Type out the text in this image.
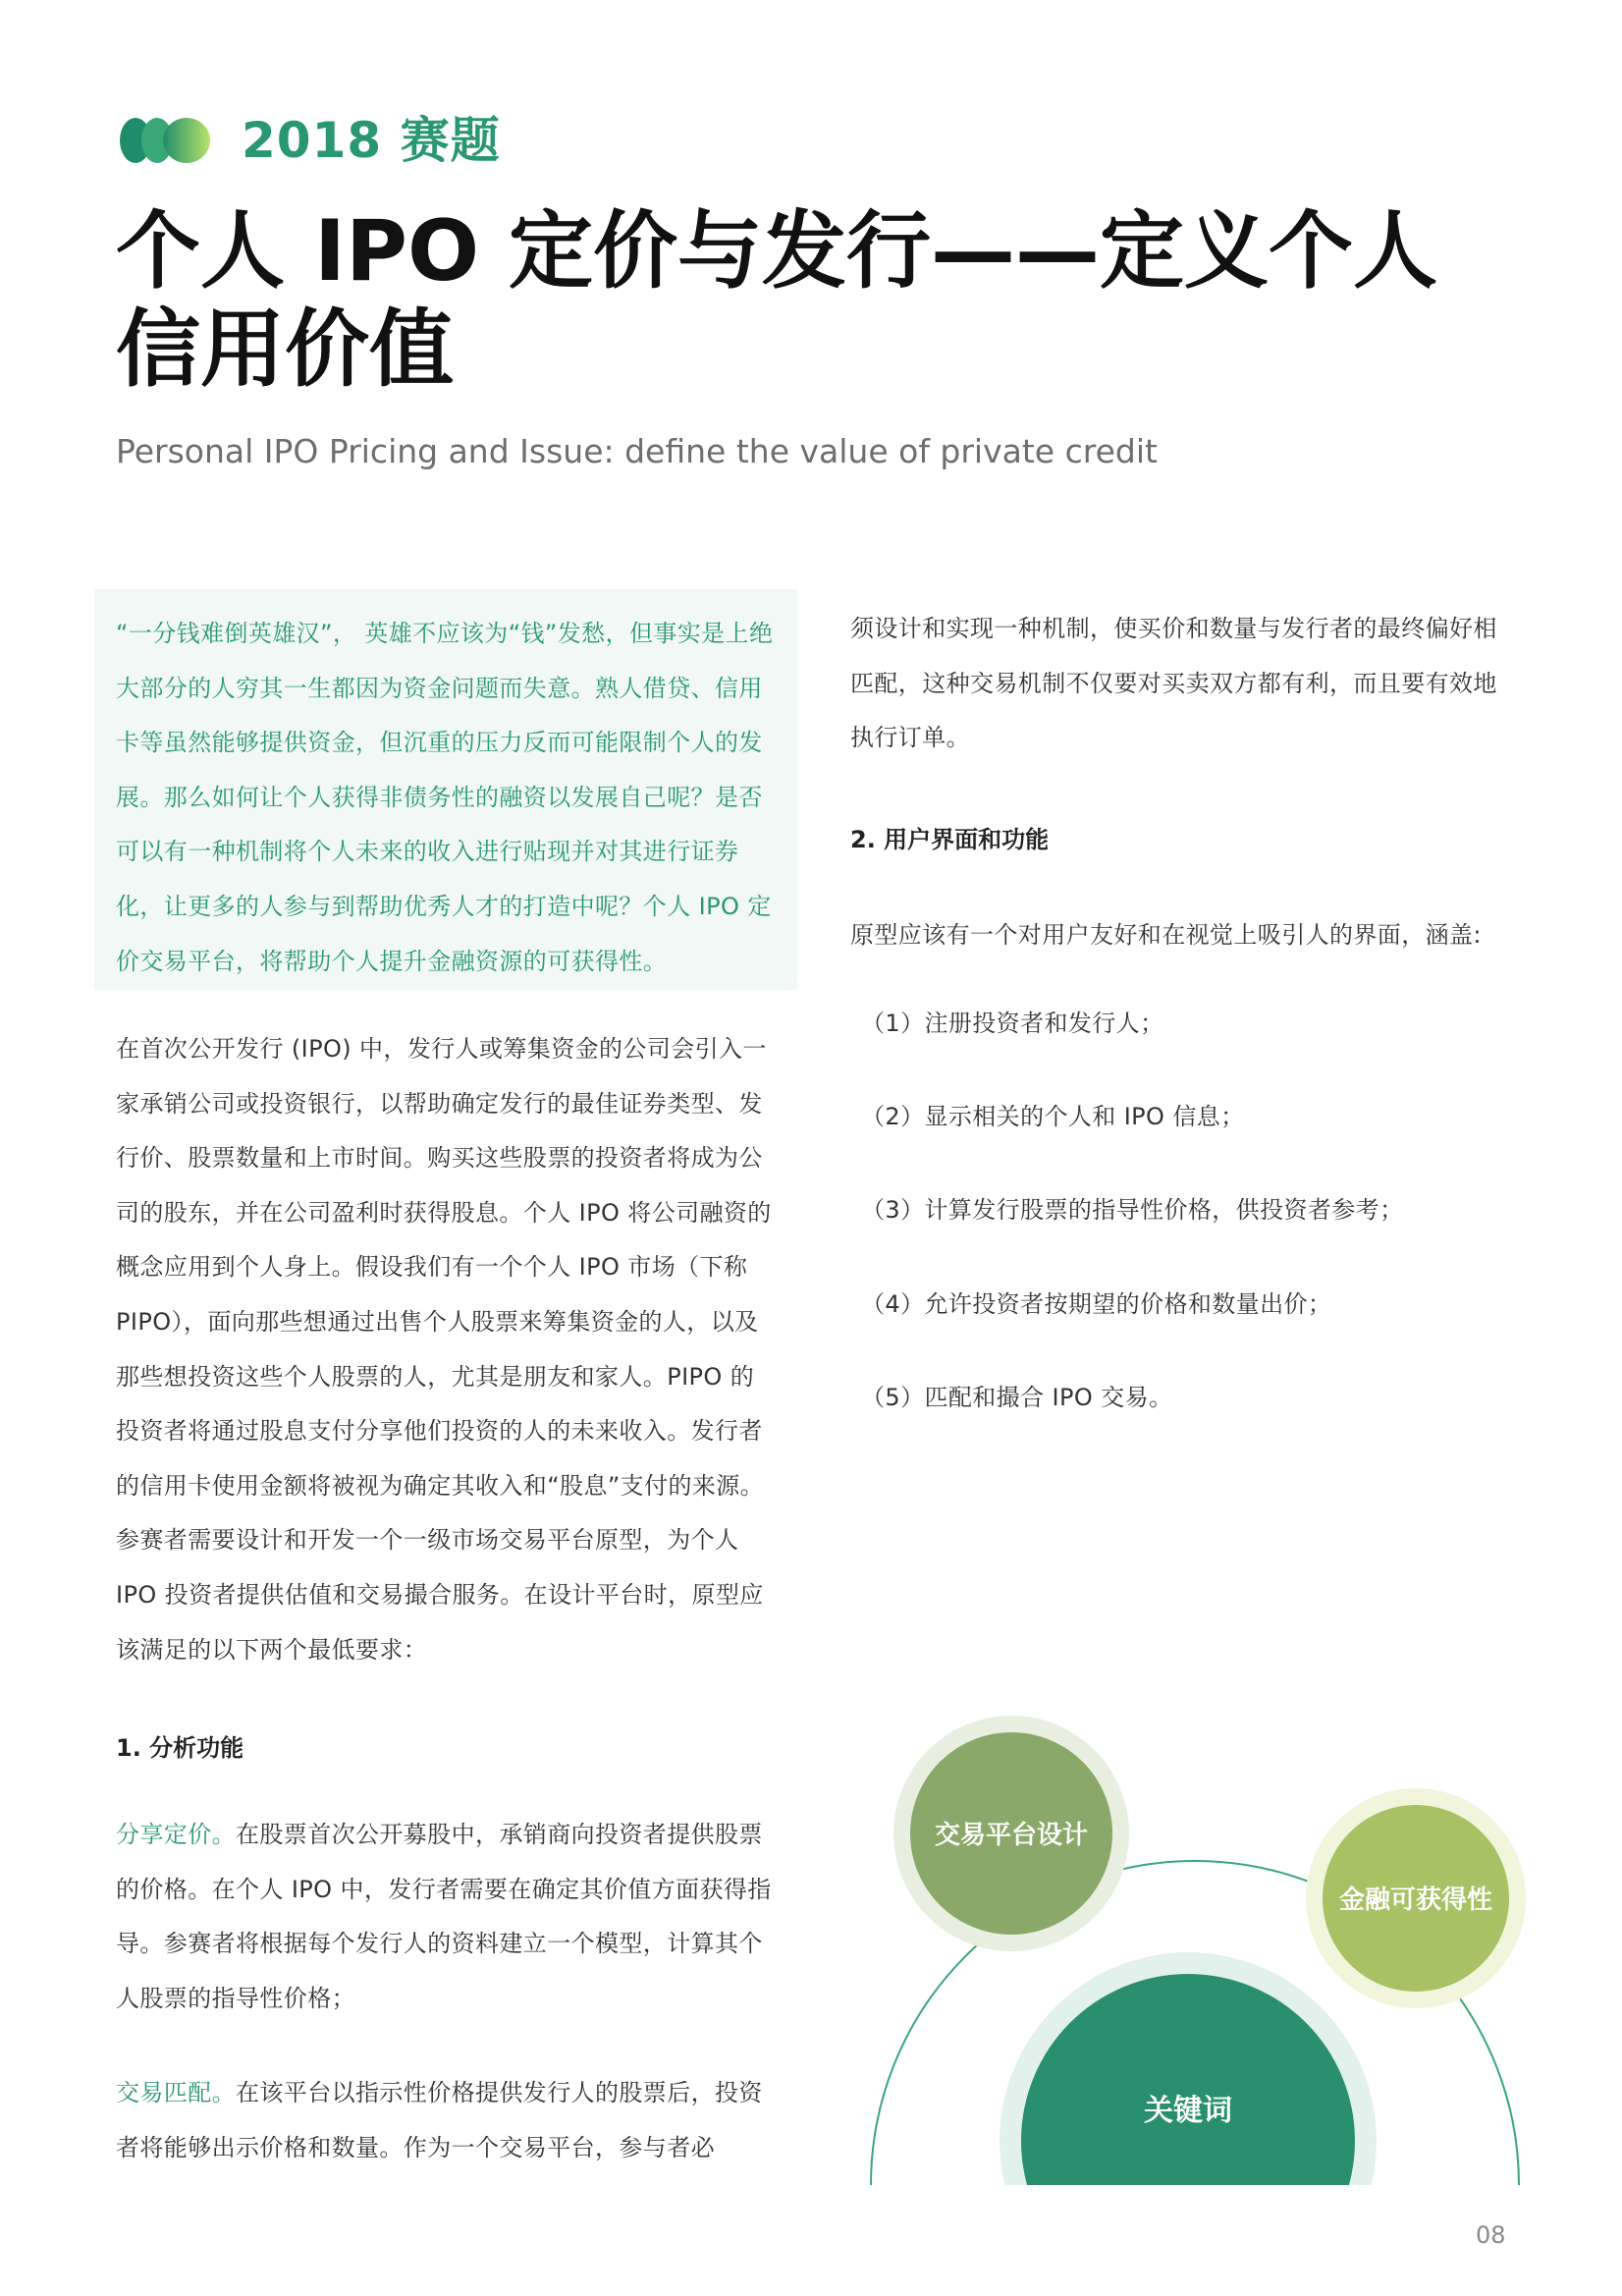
2018 赛题
个人 IPO 定价与发行——定义个人
信用价值
Personal IPO Pricing and Issue: define the value of private credit

“一分钱难倒英雄汉”， 英雄不应该为“钱”发愁，但事实是上绝大部分的人穷其一生都因为资金问题而失意。熟人借贷、信用卡等虽然能够提供资金，但沉重的压力反而可能限制个人的发展。那么如何让个人获得非债务性的融资以发展自己呢？是否可以有一种机制将个人未来的收入进行贴现并对其进行证券化，让更多的人参与到帮助优秀人才的打造中呢？个人 IPO 定价交易平台，将帮助个人提升金融资源的可获得性。

在首次公开发行 (IPO) 中，发行人或筹集资金的公司会引入一家承销公司或投资银行，以帮助确定发行的最佳证券类型、发行价、股票数量和上市时间。购买这些股票的投资者将成为公司的股东，并在公司盈利时获得股息。个人 IPO 将公司融资的概念应用到个人身上。假设我们有一个个人 IPO 市场（下称 PIPO），面向那些想通过出售个人股票来筹集资金的人，以及那些想投资这些个人股票的人，尤其是朋友和家人。PIPO 的投资者将通过股息支付分享他们投资的人的未来收入。发行者的信用卡使用金额将被视为确定其收入和“股息”支付的来源。参赛者需要设计和开发一个一级市场交易平台原型，为个人 IPO 投资者提供估值和交易撮合服务。在设计平台时，原型应该满足的以下两个最低要求：

1. 分析功能

分享定价。在股票首次公开募股中，承销商向投资者提供股票的价格。在个人 IPO 中，发行者需要在确定其价值方面获得指导。参赛者将根据每个发行人的资料建立一个模型，计算其个人股票的指导性价格；

交易匹配。在该平台以指示性价格提供发行人的股票后，投资者将能够出示价格和数量。作为一个交易平台，参与者必

须设计和实现一种机制，使买价和数量与发行者的最终偏好相匹配，这种交易机制不仅要对买卖双方都有利，而且要有效地执行订单。

2. 用户界面和功能

原型应该有一个对用户友好和在视觉上吸引人的界面，涵盖:

（1）注册投资者和发行人；

（2）显示相关的个人和 IPO 信息；

（3）计算发行股票的指导性价格，供投资者参考；

（4）允许投资者按期望的价格和数量出价；

（5）匹配和撮合 IPO 交易。

交易平台设计
金融可获得性
关键词

08
